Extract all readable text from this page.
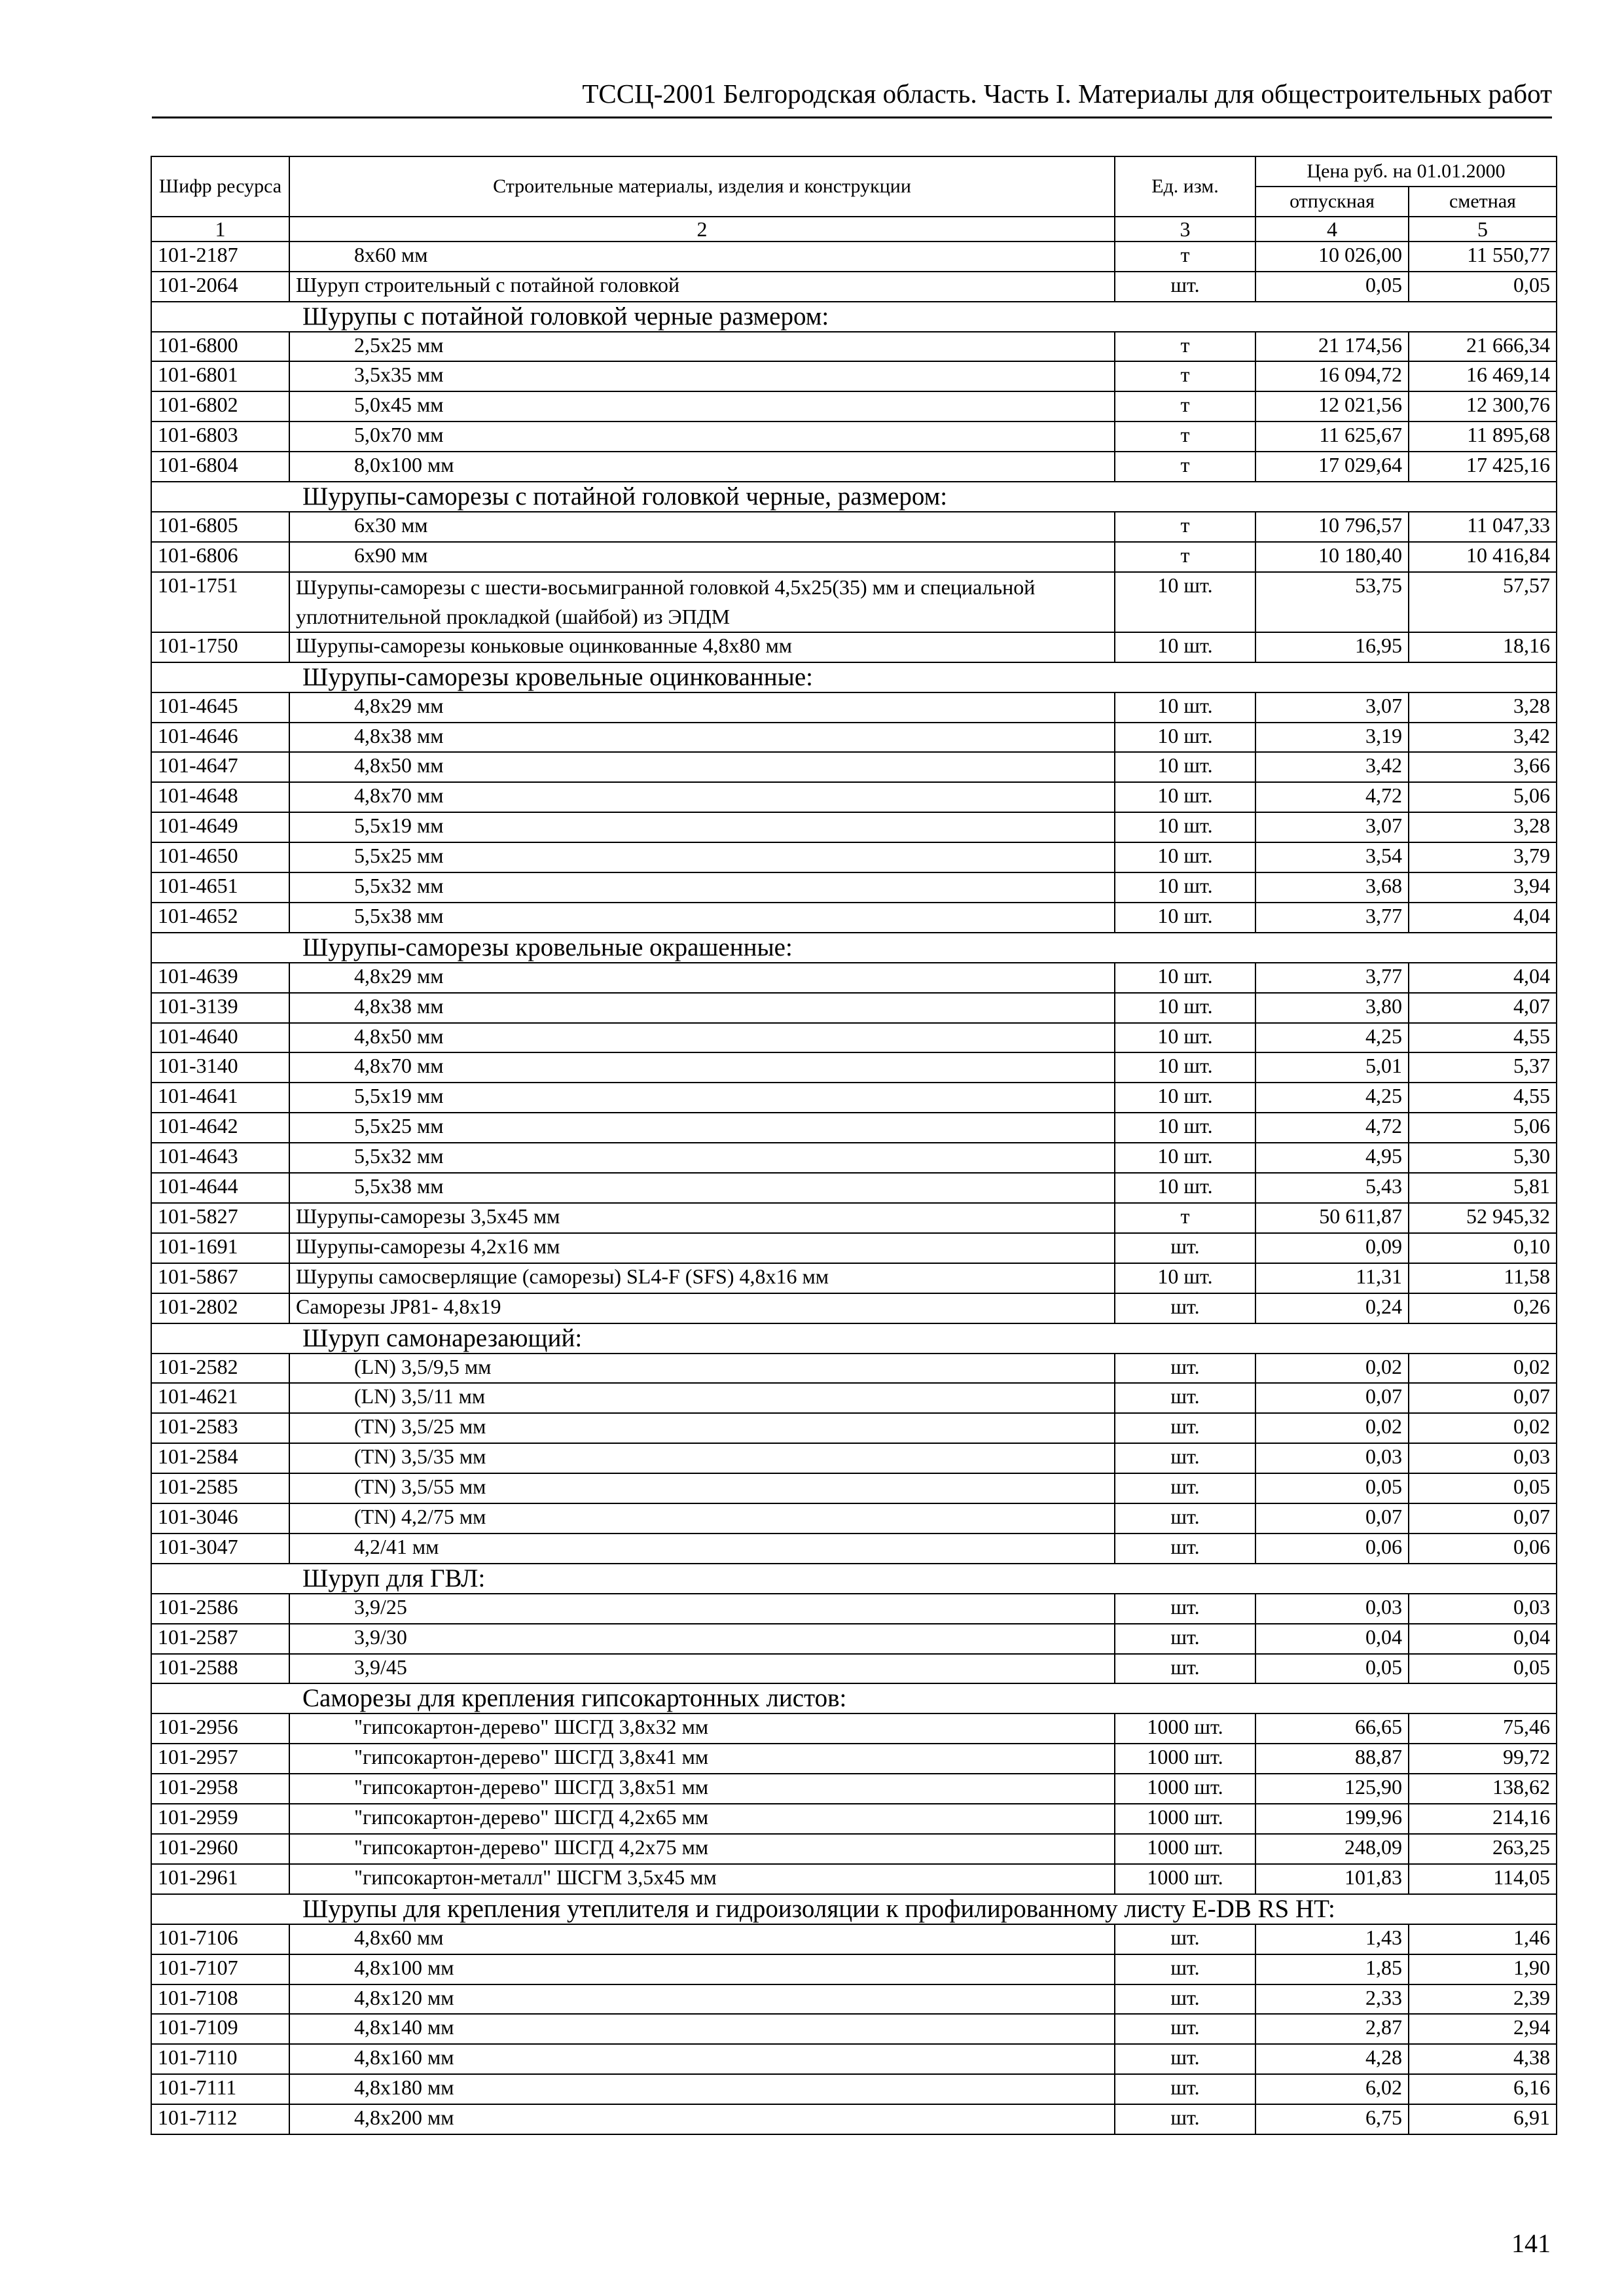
ТССЦ-2001 Белгородская область. Часть I. Материалы для общестроительных работ
Шифр ресурса	Строительные материалы, изделия и конструкции	Ед. изм.	Цена руб. на 01.01.2000	
			отпускная	сметная
1	2	3	4	5
101-2187	8х60 мм	т	10 026,00	11 550,77
101-2064	Шуруп строительный с потайной головкой	шт.	0,05	0,05
Шурупы с потайной головкой черные размером:				
101-6800	2,5х25 мм	т	21 174,56	21 666,34
101-6801	3,5х35 мм	т	16 094,72	16 469,14
101-6802	5,0х45 мм	т	12 021,56	12 300,76
101-6803	5,0х70 мм	т	11 625,67	11 895,68
101-6804	8,0х100 мм	т	17 029,64	17 425,16
Шурупы-саморезы с потайной головкой черные, размером:				
101-6805	6х30 мм	т	10 796,57	11 047,33
101-6806	6х90 мм	т	10 180,40	10 416,84
101-1751	Шурупы-саморезы с шести-восьмигранной головкой 4,5х25(35) мм и специальной уплотнительной прокладкой (шайбой) из ЭПДМ	10 шт.	53,75	57,57
101-1750	Шурупы-саморезы коньковые оцинкованные 4,8х80 мм	10 шт.	16,95	18,16
Шурупы-саморезы кровельные оцинкованные:				
101-4645	4,8х29 мм	10 шт.	3,07	3,28
101-4646	4,8х38 мм	10 шт.	3,19	3,42
101-4647	4,8х50 мм	10 шт.	3,42	3,66
101-4648	4,8х70 мм	10 шт.	4,72	5,06
101-4649	5,5х19 мм	10 шт.	3,07	3,28
101-4650	5,5х25 мм	10 шт.	3,54	3,79
101-4651	5,5х32 мм	10 шт.	3,68	3,94
101-4652	5,5х38 мм	10 шт.	3,77	4,04
Шурупы-саморезы кровельные окрашенные:				
101-4639	4,8х29 мм	10 шт.	3,77	4,04
101-3139	4,8х38 мм	10 шт.	3,80	4,07
101-4640	4,8х50 мм	10 шт.	4,25	4,55
101-3140	4,8х70 мм	10 шт.	5,01	5,37
101-4641	5,5х19 мм	10 шт.	4,25	4,55
101-4642	5,5х25 мм	10 шт.	4,72	5,06
101-4643	5,5х32 мм	10 шт.	4,95	5,30
101-4644	5,5х38 мм	10 шт.	5,43	5,81
101-5827	Шурупы-саморезы 3,5х45 мм	т	50 611,87	52 945,32
101-1691	Шурупы-саморезы 4,2х16 мм	шт.	0,09	0,10
101-5867	Шурупы самосверлящие (саморезы) SL4-F (SFS) 4,8х16 мм	10 шт.	11,31	11,58
101-2802	Саморезы JP81- 4,8х19	шт.	0,24	0,26
Шуруп самонарезающий:				
101-2582	(LN) 3,5/9,5 мм	шт.	0,02	0,02
101-4621	(LN) 3,5/11 мм	шт.	0,07	0,07
101-2583	(TN) 3,5/25 мм	шт.	0,02	0,02
101-2584	(TN) 3,5/35 мм	шт.	0,03	0,03
101-2585	(TN) 3,5/55 мм	шт.	0,05	0,05
101-3046	(TN) 4,2/75 мм	шт.	0,07	0,07
101-3047	4,2/41 мм	шт.	0,06	0,06
Шуруп для ГВЛ:				
101-2586	3,9/25	шт.	0,03	0,03
101-2587	3,9/30	шт.	0,04	0,04
101-2588	3,9/45	шт.	0,05	0,05
Саморезы для крепления гипсокартонных листов:				
101-2956	"гипсокартон-дерево" ШСГД 3,8х32 мм	1000 шт.	66,65	75,46
101-2957	"гипсокартон-дерево" ШСГД 3,8х41 мм	1000 шт.	88,87	99,72
101-2958	"гипсокартон-дерево" ШСГД 3,8х51 мм	1000 шт.	125,90	138,62
101-2959	"гипсокартон-дерево" ШСГД 4,2х65 мм	1000 шт.	199,96	214,16
101-2960	"гипсокартон-дерево" ШСГД 4,2х75 мм	1000 шт.	248,09	263,25
101-2961	"гипсокартон-металл" ШСГМ 3,5х45 мм	1000 шт.	101,83	114,05
Шурупы для крепления утеплителя и гидроизоляции к профилированному листу E-DB RS HT:				
101-7106	4,8х60 мм	шт.	1,43	1,46
101-7107	4,8х100 мм	шт.	1,85	1,90
101-7108	4,8х120 мм	шт.	2,33	2,39
101-7109	4,8х140 мм	шт.	2,87	2,94
101-7110	4,8х160 мм	шт.	4,28	4,38
101-7111	4,8х180 мм	шт.	6,02	6,16
101-7112	4,8х200 мм	шт.	6,75	6,91
141
